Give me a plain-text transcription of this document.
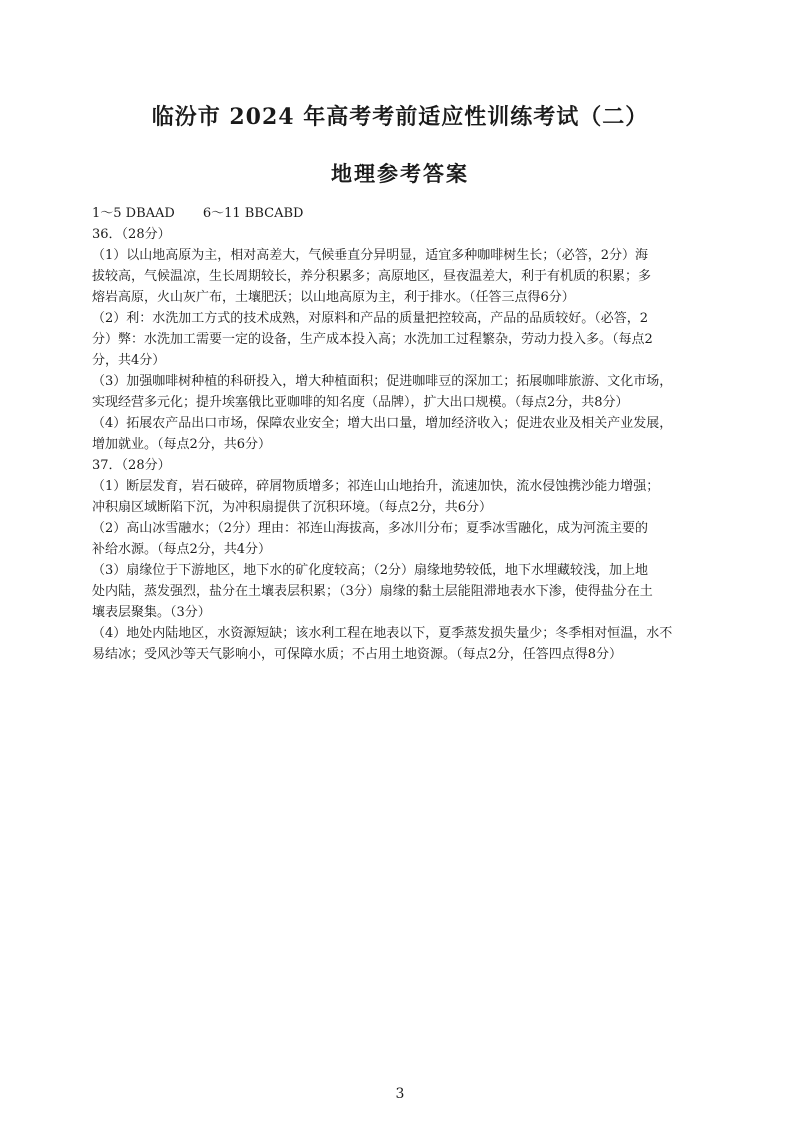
临汾市 2024 年高考考前适应性训练考试（二）
地理参考答案
1～5 DBAAD 6～11 BBCABD
36．（28分）
（1）以山地高原为主，相对高差大，气候垂直分异明显，适宜多种咖啡树生长；（必答，2分）海
拔较高，气候温凉，生长周期较长，养分积累多；高原地区，昼夜温差大，利于有机质的积累；多
熔岩高原，火山灰广布，土壤肥沃；以山地高原为主，利于排水。（任答三点得6分）
（2）利：水洗加工方式的技术成熟，对原料和产品的质量把控较高，产品的品质较好。（必答，2
分）弊：水洗加工需要一定的设备，生产成本投入高；水洗加工过程繁杂，劳动力投入多。（每点2
分，共4分）
（3）加强咖啡树种植的科研投入，增大种植面积；促进咖啡豆的深加工；拓展咖啡旅游、文化市场，
实现经营多元化；提升埃塞俄比亚咖啡的知名度（品牌），扩大出口规模。（每点2分，共8分）
（4）拓展农产品出口市场，保障农业安全；增大出口量，增加经济收入；促进农业及相关产业发展，
增加就业。（每点2分，共6分）
37．（28分）
（1）断层发育，岩石破碎，碎屑物质增多；祁连山山地抬升，流速加快，流水侵蚀携沙能力增强；
冲积扇区域断陷下沉，为冲积扇提供了沉积环境。（每点2分，共6分）
（2）高山冰雪融水；（2分）理由：祁连山海拔高，多冰川分布；夏季冰雪融化，成为河流主要的
补给水源。（每点2分，共4分）
（3）扇缘位于下游地区，地下水的矿化度较高；（2分）扇缘地势较低，地下水埋藏较浅，加上地
处内陆，蒸发强烈，盐分在土壤表层积累；（3分）扇缘的黏土层能阻滞地表水下渗，使得盐分在土
壤表层聚集。（3分）
（4）地处内陆地区，水资源短缺；该水利工程在地表以下，夏季蒸发损失量少；冬季相对恒温，水不
易结冰；受风沙等天气影响小，可保障水质；不占用土地资源。（每点2分，任答四点得8分）
3
